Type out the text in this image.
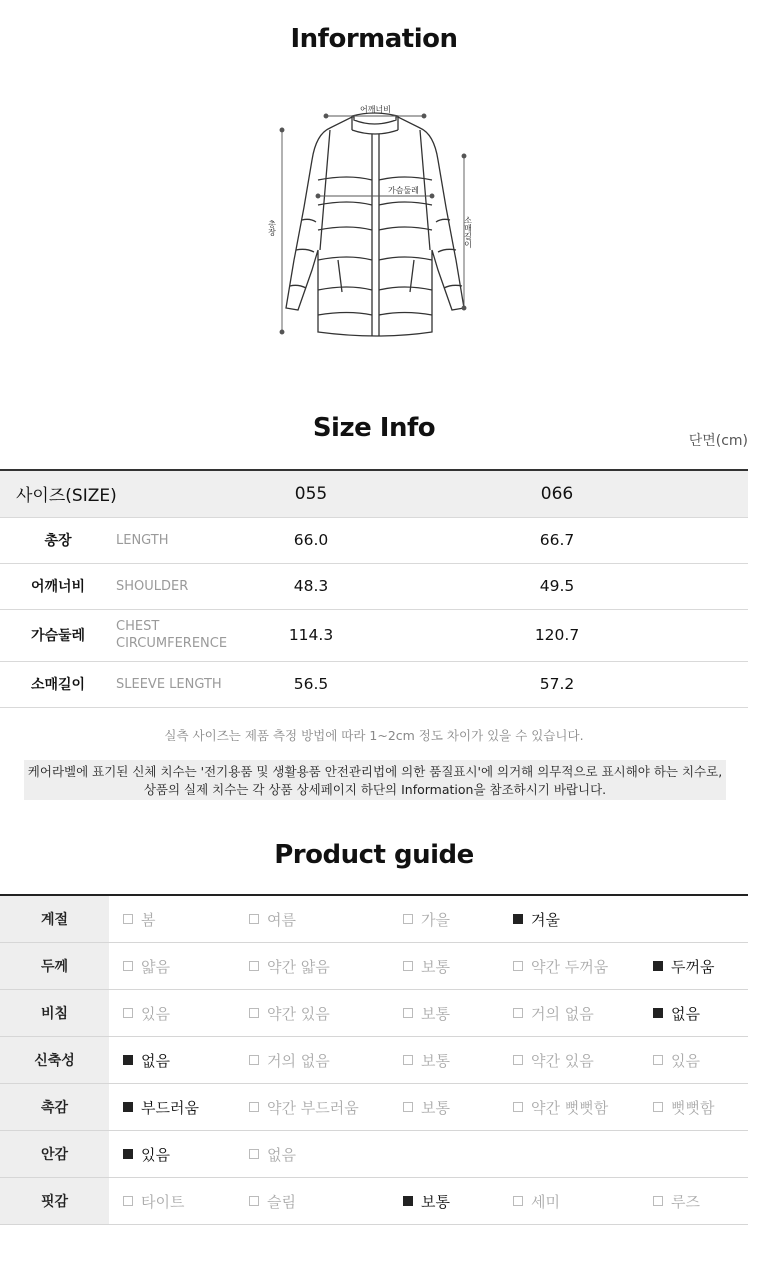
Information
어깨너비
가슴둘레
총장	소매길이
Size Info	단면(cm)
사이즈(SIZE)		055	066
총장	LENGTH	66.0	66.7
어깨너비	SHOULDER	48.3	49.5
가슴둘레	CHEST CIRCUMFERENCE	114.3	120.7
소매길이	SLEEVE LENGTH	56.5	57.2
실측 사이즈는 제품 측정 방법에 따라 1~2cm 정도 차이가 있을 수 있습니다.
케어라벨에 표기된 신체 치수는 '전기용품 및 생활용품 안전관리법에 의한 품질표시'에 의거해 의무적으로 표시해야 하는 치수로,
상품의 실제 치수는 각 상품 상세페이지 하단의 Information을 참조하시기 바랍니다.
Product guide
계절	봄	여름	가을	겨울
두께	얇음	약간 얇음	보통	약간 두꺼움	두꺼움
비침	있음	약간 있음	보통	거의 없음	없음
신축성	없음	거의 없음	보통	약간 있음	있음
촉감	부드러움	약간 부드러움	보통	약간 뻣뻣함	뻣뻣함
안감	있음	없음
핏감	타이트	슬림	보통	세미	루즈
